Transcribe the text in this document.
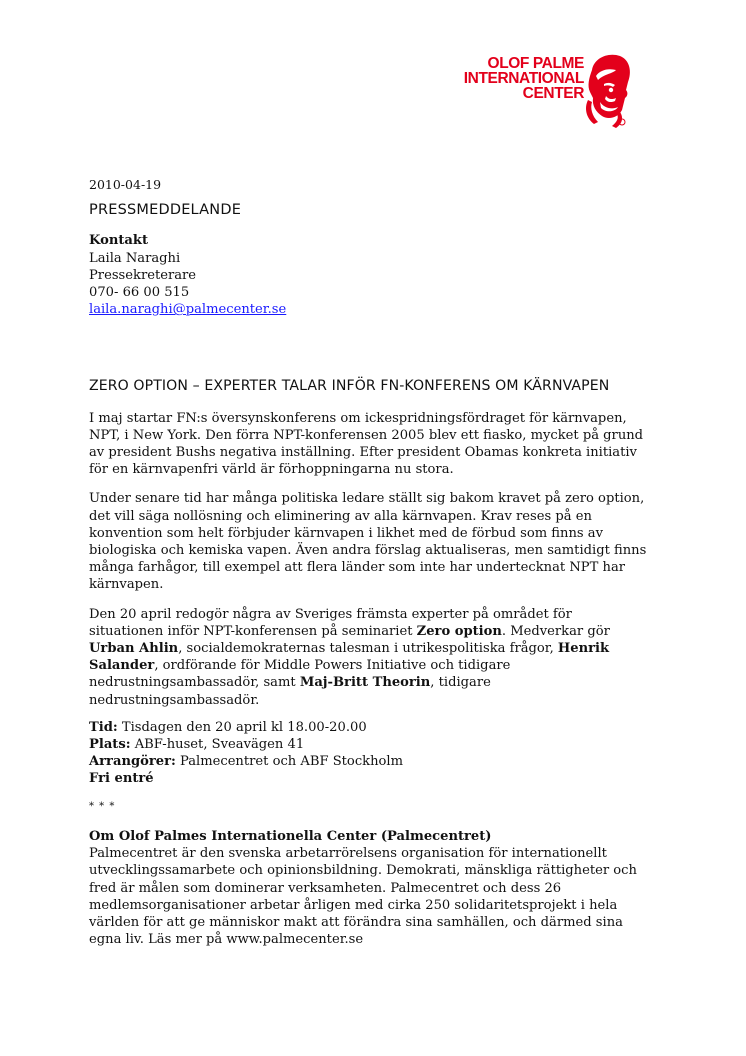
OLOF PALME
INTERNATIONAL
CENTER
2010-04-19
PRESSMEDDELANDE
Kontakt
Laila Naraghi
Pressekreterare
070- 66 00 515
laila.naraghi@palmecenter.se
ZERO OPTION – EXPERTER TALAR INFÖR FN-KONFERENS OM KÄRNVAPEN

I maj startar FN:s översynskonferens om ickespridningsfördraget för kärnvapen, NPT, i New York. Den förra NPT-konferensen 2005 blev ett fiasko, mycket på grund av president Bushs negativa inställning. Efter president Obamas konkreta initiativ för en kärnvapenfri värld är förhoppningarna nu stora.

Under senare tid har många politiska ledare ställt sig bakom kravet på zero option, det vill säga nollösning och eliminering av alla kärnvapen. Krav reses på en konvention som helt förbjuder kärnvapen i likhet med de förbud som finns av biologiska och kemiska vapen. Även andra förslag aktualiseras, men samtidigt finns många farhågor, till exempel att flera länder som inte har undertecknat NPT har kärnvapen.

Den 20 april redogör några av Sveriges främsta experter på området för situationen inför NPT-konferensen på seminariet Zero option. Medverkar gör Urban Ahlin, socialdemokraternas talesman i utrikespolitiska frågor, Henrik Salander, ordförande för Middle Powers Initiative och tidigare nedrustningsambassadör, samt Maj-Britt Theorin, tidigare nedrustningsambassadör.

Tid: Tisdagen den 20 april kl 18.00-20.00
Plats: ABF-huset, Sveavägen 41
Arrangörer: Palmecentret och ABF Stockholm
Fri entré
* * *
Om Olof Palmes Internationella Center (Palmecentret)

Palmecentret är den svenska arbetarrörelsens organisation för internationellt utvecklingssamarbete och opinionsbildning. Demokrati, mänskliga rättigheter och fred är målen som dominerar verksamheten. Palmecentret och dess 26 medlemsorganisationer arbetar årligen med cirka 250 solidaritetsprojekt i hela världen för att ge människor makt att förändra sina samhällen, och därmed sina egna liv. Läs mer på www.palmecenter.se
